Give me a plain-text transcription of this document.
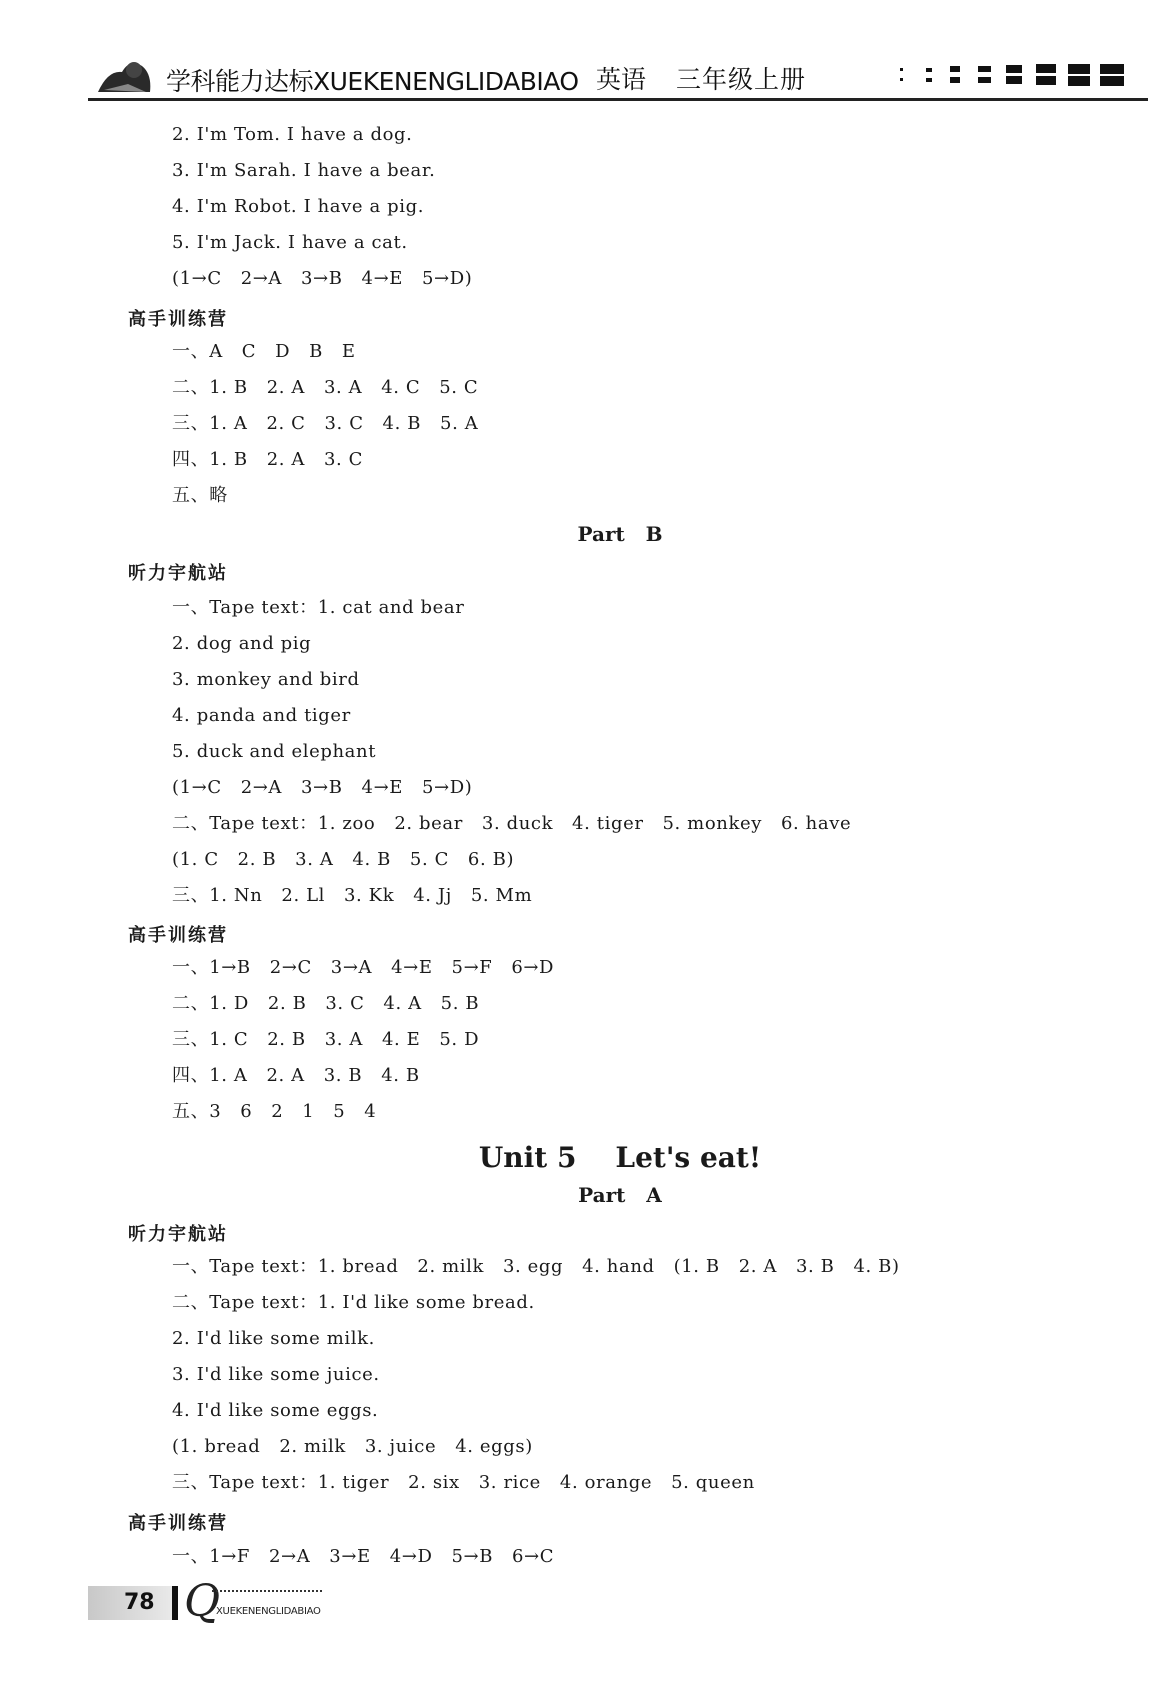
学科能力达标XUEKENENGLIDABIAO 英语 三年级上册
2. I'm Tom. I have a dog.
3. I'm Sarah. I have a bear.
4. I'm Robot. I have a pig.
5. I'm Jack. I have a cat.
(1→C   2→A   3→B   4→E   5→D)
高手训练营
一、A   C   D   B   E
二、1. B   2. A   3. A   4. C   5. C
三、1. A   2. C   3. C   4. B   5. A
四、1. B   2. A   3. C
五、略
Part   B
听力宇航站
一、Tape text：1. cat and bear
2. dog and pig
3. monkey and bird
4. panda and tiger
5. duck and elephant
(1→C   2→A   3→B   4→E   5→D)
二、Tape text：1. zoo   2. bear   3. duck   4. tiger   5. monkey   6. have
(1. C   2. B   3. A   4. B   5. C   6. B)
三、1. Nn   2. Ll   3. Kk   4. Jj   5. Mm
高手训练营
一、1→B   2→C   3→A   4→E   5→F   6→D
二、1. D   2. B   3. C   4. A   5. B
三、1. C   2. B   3. A   4. E   5. D
四、1. A   2. A   3. B   4. B
五、3   6   2   1   5   4
Unit 5    Let's eat!
Part   A
听力宇航站
一、Tape text：1. bread   2. milk   3. egg   4. hand   (1. B   2. A   3. B   4. B)
二、Tape text：1. I'd like some bread.
2. I'd like some milk.
3. I'd like some juice.
4. I'd like some eggs.
(1. bread   2. milk   3. juice   4. eggs)
三、Tape text：1. tiger   2. six   3. rice   4. orange   5. queen
高手训练营
一、1→F   2→A   3→E   4→D   5→B   6→C
78 Q
XUEKENENGLIDABIAO
